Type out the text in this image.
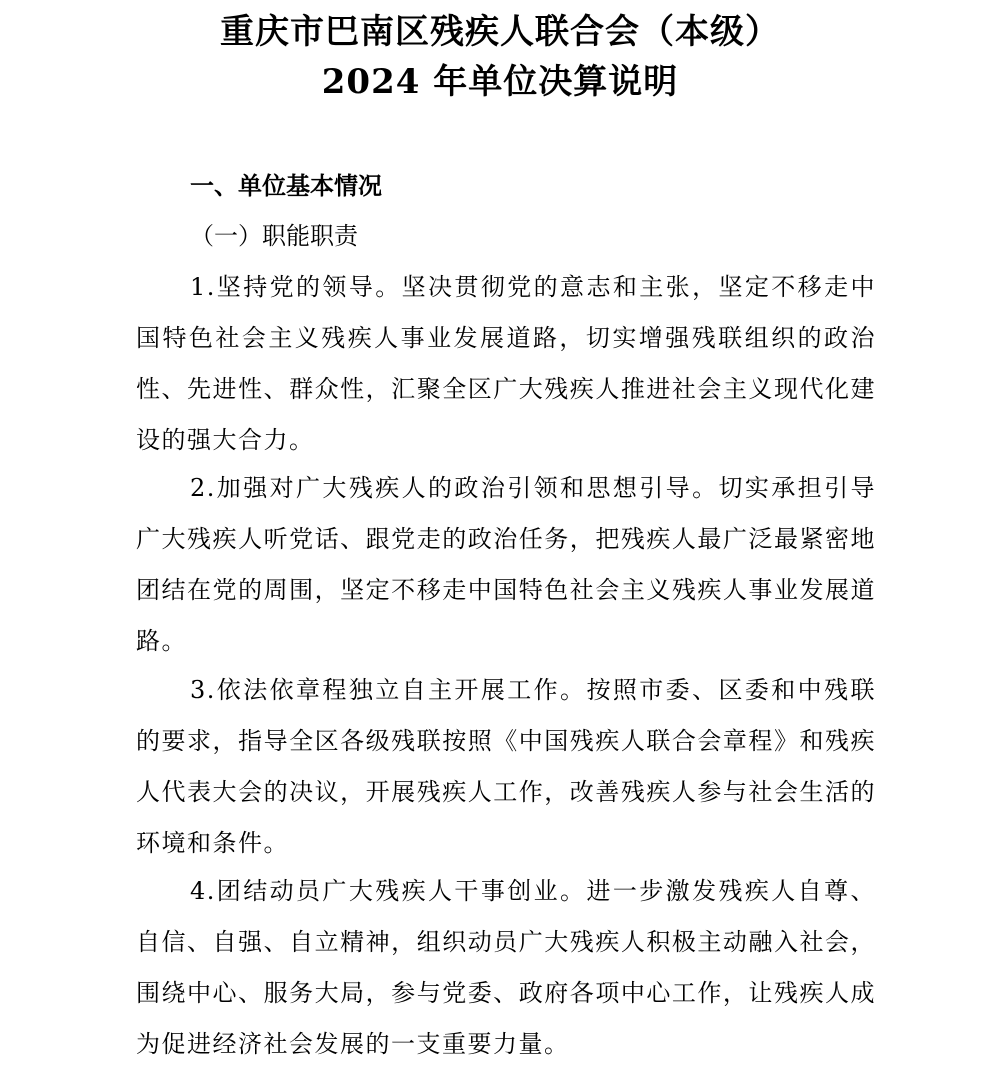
重庆市巴南区残疾人联合会（本级）
2024 年单位决算说明
一、单位基本情况
（一）职能职责

1.坚持党的领导。坚决贯彻党的意志和主张，坚定不移走中国特色社会主义残疾人事业发展道路，切实增强残联组织的政治性、先进性、群众性，汇聚全区广大残疾人推进社会主义现代化建设的强大合力。

2.加强对广大残疾人的政治引领和思想引导。切实承担引导广大残疾人听党话、跟党走的政治任务，把残疾人最广泛最紧密地团结在党的周围，坚定不移走中国特色社会主义残疾人事业发展道路。

3.依法依章程独立自主开展工作。按照市委、区委和中残联的要求，指导全区各级残联按照《中国残疾人联合会章程》和残疾人代表大会的决议，开展残疾人工作，改善残疾人参与社会生活的环境和条件。

4.团结动员广大残疾人干事创业。进一步激发残疾人自尊、自信、自强、自立精神，组织动员广大残疾人积极主动融入社会，围绕中心、服务大局，参与党委、政府各项中心工作，让残疾人成为促进经济社会发展的一支重要力量。
